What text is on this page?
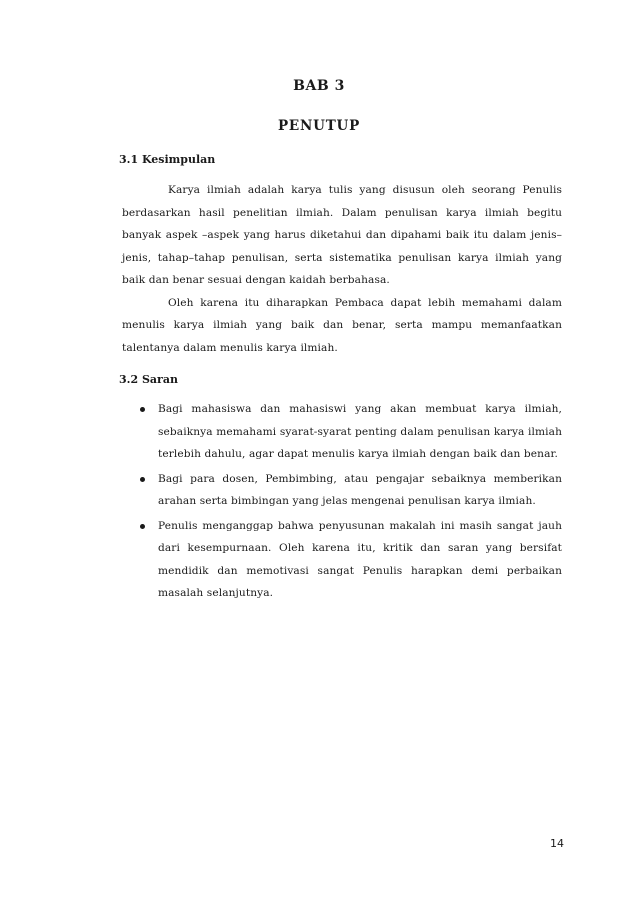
BAB 3
PENUTUP
3.1 Kesimpulan

Karya ilmiah adalah karya tulis yang disusun oleh seorang Penulis berdasarkan hasil penelitian ilmiah. Dalam penulisan karya ilmiah begitu banyak aspek –aspek yang harus diketahui dan dipahami baik itu dalam jenis–jenis, tahap–tahap penulisan, serta sistematika penulisan karya ilmiah yang baik dan benar sesuai dengan kaidah berbahasa.

Oleh karena itu diharapkan Pembaca dapat lebih memahami dalam menulis karya ilmiah yang baik dan benar, serta mampu memanfaatkan talentanya dalam menulis karya ilmiah.

3.2 Saran
Bagi mahasiswa dan mahasiswi yang akan membuat karya ilmiah, sebaiknya memahami syarat-syarat penting dalam penulisan karya ilmiah terlebih dahulu, agar dapat menulis karya ilmiah dengan baik dan benar.
Bagi para dosen, Pembimbing, atau pengajar sebaiknya memberikan arahan serta bimbingan yang jelas mengenai penulisan karya ilmiah.
Penulis menganggap bahwa penyusunan makalah ini masih sangat jauh dari kesempurnaan. Oleh karena itu, kritik dan saran yang bersifat mendidik dan memotivasi sangat Penulis harapkan demi perbaikan masalah selanjutnya.

14
